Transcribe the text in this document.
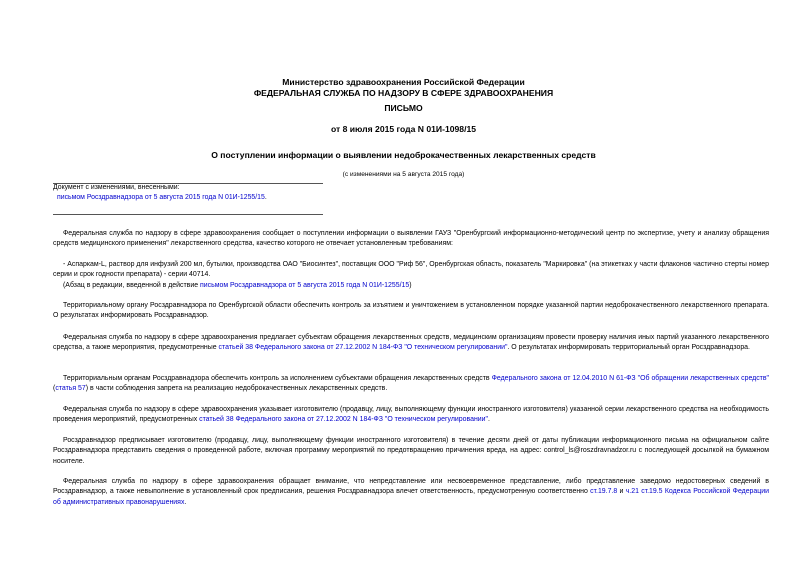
Министерство здравоохранения Российской Федерации
ФЕДЕРАЛЬНАЯ СЛУЖБА ПО НАДЗОРУ В СФЕРЕ ЗДРАВООХРАНЕНИЯ
ПИСЬМО
от 8 июля 2015 года N 01И-1098/15
О поступлении информации о выявлении недоброкачественных лекарственных средств
(с изменениями на 5 августа 2015 года)
Документ с изменениями, внесенными:
письмом Росздравнадзора от 5 августа 2015 года N 01И-1255/15.
Федеральная служба по надзору в сфере здравоохранения сообщает о поступлении информации о выявлении ГАУЗ "Оренбургский информационно-методический центр по экспертизе, учету и анализу обращения средств медицинского применения" лекарственного средства, качество которого не отвечает установленным требованиям:
- Аспаркам-L, раствор для инфузий 200 мл, бутылки, производства ОАО "Биосинтез", поставщик ООО "Риф 56", Оренбургская область, показатель "Маркировка" (на этикетках у части флаконов частично стерты номер серии и срок годности препарата) - серии 40714.
(Абзац в редакции, введенной в действие письмом Росздравнадзора от 5 августа 2015 года N 01И-1255/15)
Территориальному органу Росздравнадзора по Оренбургской области обеспечить контроль за изъятием и уничтожением в установленном порядке указанной партии недоброкачественного лекарственного препарата. О результатах информировать Росздравнадзор.
Федеральная служба по надзору в сфере здравоохранения предлагает субъектам обращения лекарственных средств, медицинским организациям провести проверку наличия иных партий указанного лекарственного средства, а также мероприятия, предусмотренные статьей 38 Федерального закона от 27.12.2002 N 184-ФЗ "О техническом регулировании". О результатах информировать территориальный орган Росздравнадзора.
Территориальным органам Росздравнадзора обеспечить контроль за исполнением субъектами обращения лекарственных средств Федерального закона от 12.04.2010 N 61-ФЗ "Об обращении лекарственных средств" (статья 57) в части соблюдения запрета на реализацию недоброкачественных лекарственных средств.
Федеральная служба по надзору в сфере здравоохранения указывает изготовителю (продавцу, лицу, выполняющему функции иностранного изготовителя) указанной серии лекарственного средства на необходимость проведения мероприятий, предусмотренных статьей 38 Федерального закона от 27.12.2002 N 184-ФЗ "О техническом регулировании".
Росздравнадзор предписывает изготовителю (продавцу, лицу, выполняющему функции иностранного изготовителя) в течение десяти дней от даты публикации информационного письма на официальном сайте Росздравнадзора представить сведения о проведенной работе, включая программу мероприятий по предотвращению причинения вреда, на адрес: control_ls@roszdravnadzor.ru с последующей досылкой на бумажном носителе.
Федеральная служба по надзору в сфере здравоохранения обращает внимание, что непредставление или несвоевременное представление, либо представление заведомо недостоверных сведений в Росздравнадзор, а также невыполнение в установленный срок предписания, решения Росздравнадзора влечет ответственность, предусмотренную соответственно ст.19.7.8 и ч.21 ст.19.5 Кодекса Российской Федерации об административных правонарушениях.
